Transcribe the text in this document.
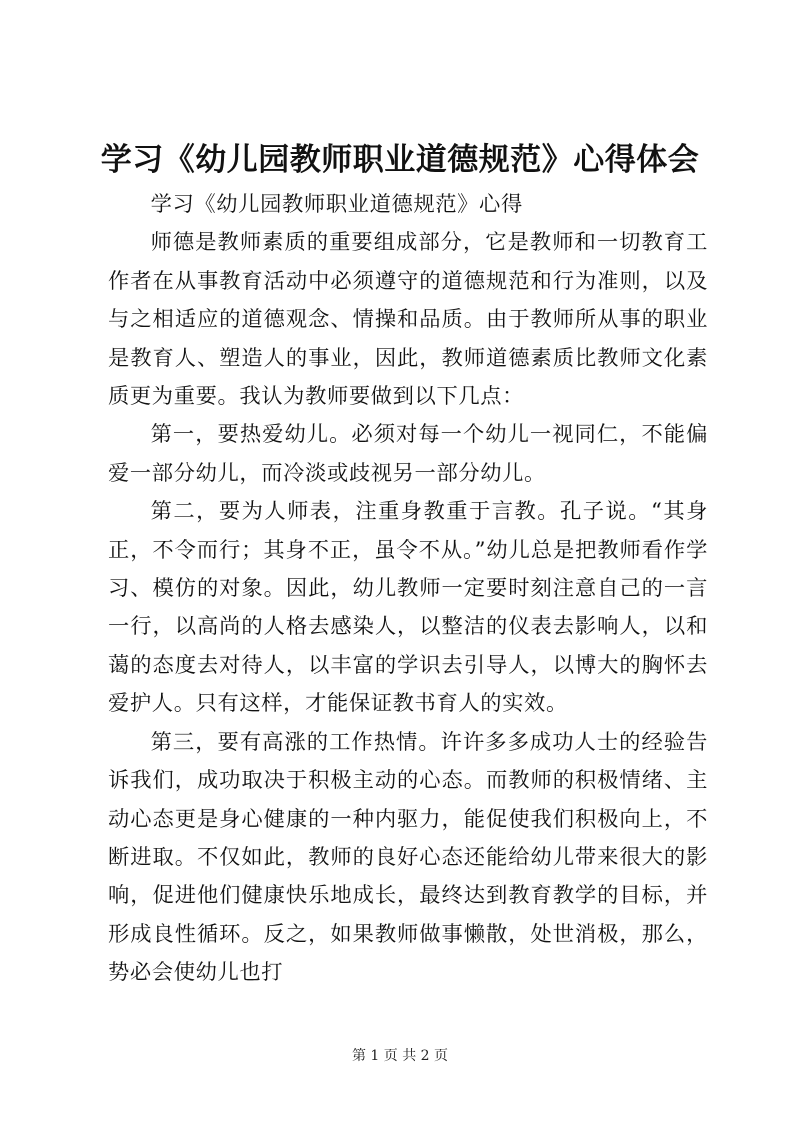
学习《幼儿园教师职业道德规范》心得体会

学习《幼儿园教师职业道德规范》心得

师德是教师素质的重要组成部分，它是教师和一切教育工作者在从事教育活动中必须遵守的道德规范和行为准则，以及与之相适应的道德观念、情操和品质。由于教师所从事的职业是教育人、塑造人的事业，因此，教师道德素质比教师文化素质更为重要。我认为教师要做到以下几点：

第一，要热爱幼儿。必须对每一个幼儿一视同仁，不能偏爱一部分幼儿，而冷淡或歧视另一部分幼儿。

第二，要为人师表，注重身教重于言教。孔子说。“其身正，不令而行；其身不正，虽令不从。”幼儿总是把教师看作学习、模仿的对象。因此，幼儿教师一定要时刻注意自己的一言一行，以高尚的人格去感染人，以整洁的仪表去影响人，以和蔼的态度去对待人，以丰富的学识去引导人，以博大的胸怀去爱护人。只有这样，才能保证教书育人的实效。

第三，要有高涨的工作热情。许许多多成功人士的经验告诉我们，成功取决于积极主动的心态。而教师的积极情绪、主动心态更是身心健康的一种内驱力，能促使我们积极向上，不断进取。不仅如此，教师的良好心态还能给幼儿带来很大的影响，促进他们健康快乐地成长，最终达到教育教学的目标，并形成良性循环。反之，如果教师做事懒散，处世消极，那么，势必会使幼儿也打

第 1 页 共 2 页
